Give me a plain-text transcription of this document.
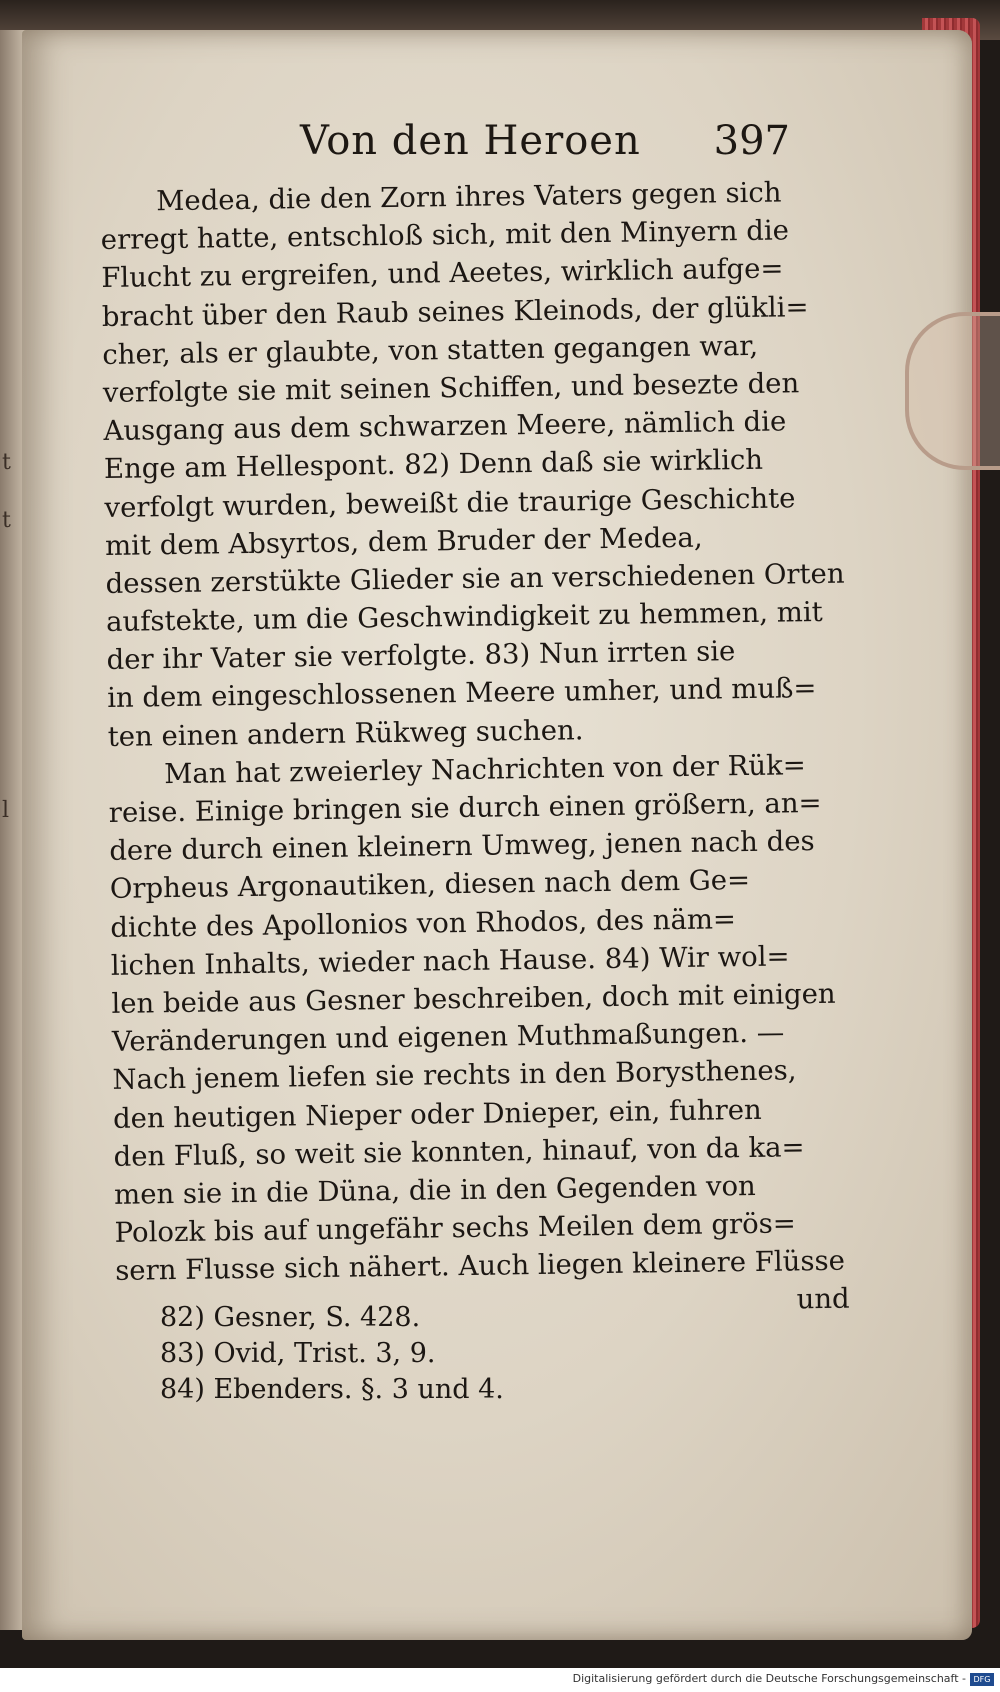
t
t

l
Von den Heroen 397
Medea, die den Zorn ihres Vaters gegen sich
erregt hatte, entschloß sich, mit den Minyern die
Flucht zu ergreifen, und Aeetes, wirklich aufge=
bracht über den Raub seines Kleinods, der glükli=
cher, als er glaubte, von statten gegangen war,
verfolgte sie mit seinen Schiffen, und besezte den
Ausgang aus dem schwarzen Meere, nämlich die
Enge am Hellespont. 82) Denn daß sie wirklich
verfolgt wurden, beweißt die traurige Geschichte
mit dem Absyrtos, dem Bruder der Medea,
dessen zerstükte Glieder sie an verschiedenen Orten
aufstekte, um die Geschwindigkeit zu hemmen, mit
der ihr Vater sie verfolgte. 83) Nun irrten sie
in dem eingeschlossenen Meere umher, und muß=
ten einen andern Rükweg suchen.
Man hat zweierley Nachrichten von der Rük=
reise. Einige bringen sie durch einen größern, an=
dere durch einen kleinern Umweg, jenen nach des
Orpheus Argonautiken, diesen nach dem Ge=
dichte des Apollonios von Rhodos, des näm=
lichen Inhalts, wieder nach Hause. 84) Wir wol=
len beide aus Gesner beschreiben, doch mit einigen
Veränderungen und eigenen Muthmaßungen. —
Nach jenem liefen sie rechts in den Borysthenes,
den heutigen Nieper oder Dnieper, ein, fuhren
den Fluß, so weit sie konnten, hinauf, von da ka=
men sie in die Düna, die in den Gegenden von
Polozk bis auf ungefähr sechs Meilen dem grös=
sern Flusse sich nähert. Auch liegen kleinere Flüsse
und
82) Gesner, S. 428.
83) Ovid, Trist. 3, 9.
84) Ebenders. §. 3 und 4.
Digitalisierung gefördert durch die Deutsche Forschungsgemeinschaft - DFG
